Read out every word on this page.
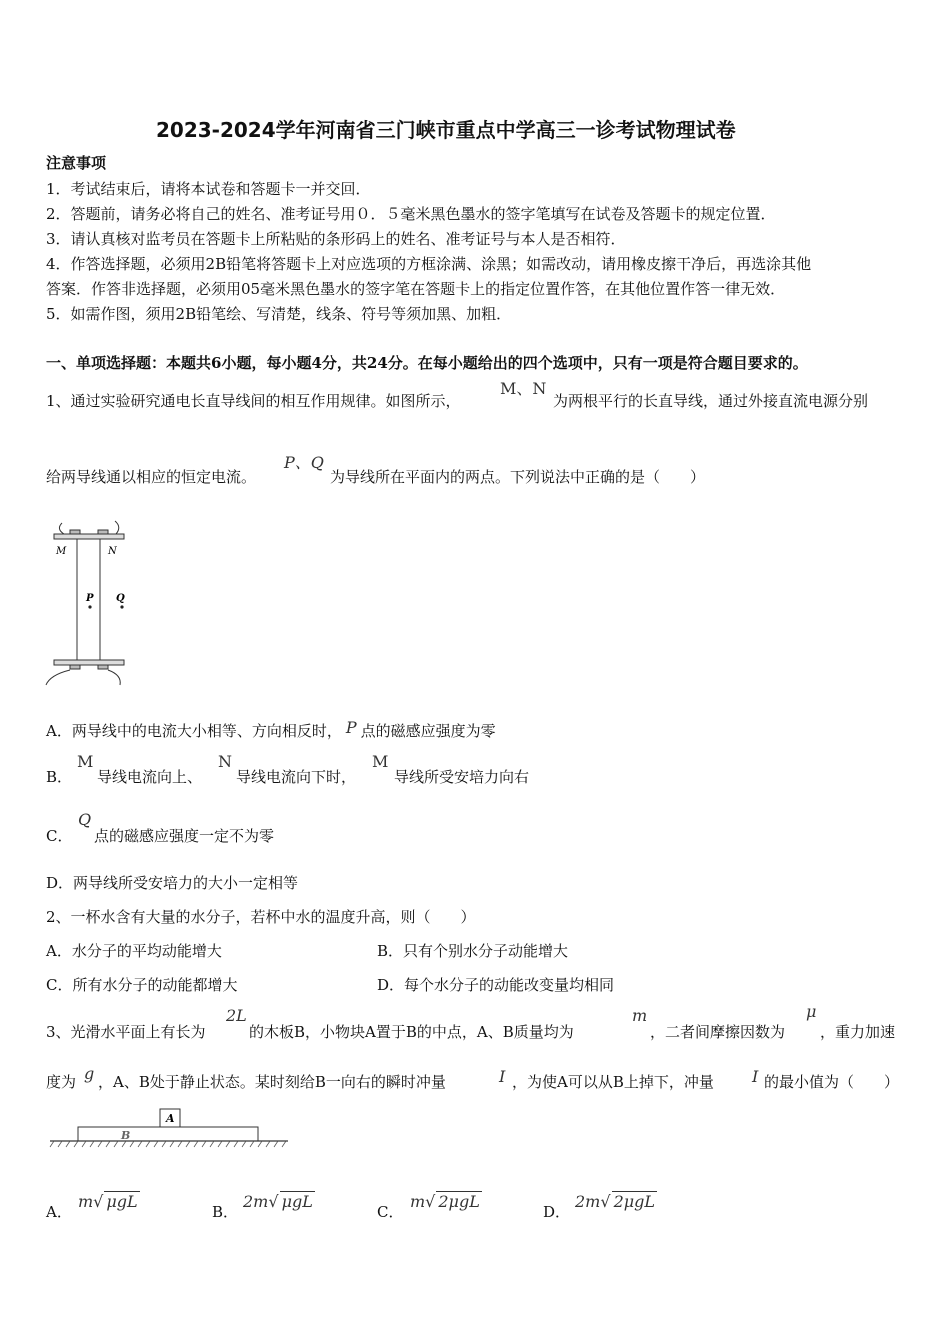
2023-2024学年河南省三门峡市重点中学高三一诊考试物理试卷
注意事项
1．考试结束后，请将本试卷和答题卡一并交回．
2．答题前，请务必将自己的姓名、准考证号用０．５毫米黑色墨水的签字笔填写在试卷及答题卡的规定位置．
3．请认真核对监考员在答题卡上所粘贴的条形码上的姓名、准考证号与本人是否相符．
4．作答选择题，必须用2B铅笔将答题卡上对应选项的方框涂满、涂黑；如需改动，请用橡皮擦干净后，再选涂其他
答案．作答非选择题，必须用05毫米黑色墨水的签字笔在答题卡上的指定位置作答，在其他位置作答一律无效．
5．如需作图，须用2B铅笔绘、写清楚，线条、符号等须加黑、加粗．
一、单项选择题：本题共6小题，每小题4分，共24分。在每小题给出的四个选项中，只有一项是符合题目要求的。
1、通过实验研究通电长直导线间的相互作用规律。如图所示，
M、N
为两根平行的长直导线，通过外接直流电源分别
给两导线通以相应的恒定电流。
P、Q
为导线所在平面内的两点。下列说法中正确的是（　　）
M	N
P Q
A．两导线中的电流大小相等、方向相反时， P 点的磁感应强度为零
B．
M
导线电流向上、
N
导线电流向下时，
M
导线所受安培力向右
C．
Q
点的磁感应强度一定不为零
D．两导线所受安培力的大小一定相等
2、一杯水含有大量的水分子，若杯中水的温度升高，则（　　）
A．水分子的平均动能增大	B．只有个别水分子动能增大
C．所有水分子的动能都增大	D．每个水分子的动能改变量均相同
3、光滑水平面上有长为
2L
的木板B，小物块A置于B的中点，A、B质量均为
m
，二者间摩擦因数为
μ
，重力加速
度为 g ，A、B处于静止状态。某时刻给B一向右的瞬时冲量	I ，为使A可以从B上掉下，冲量 I 的最小值为（　　）
A
B
A．
m√ μgL
B．
2m√ μgL
C．
m√ 2μgL
D．
2m√ 2μgL
